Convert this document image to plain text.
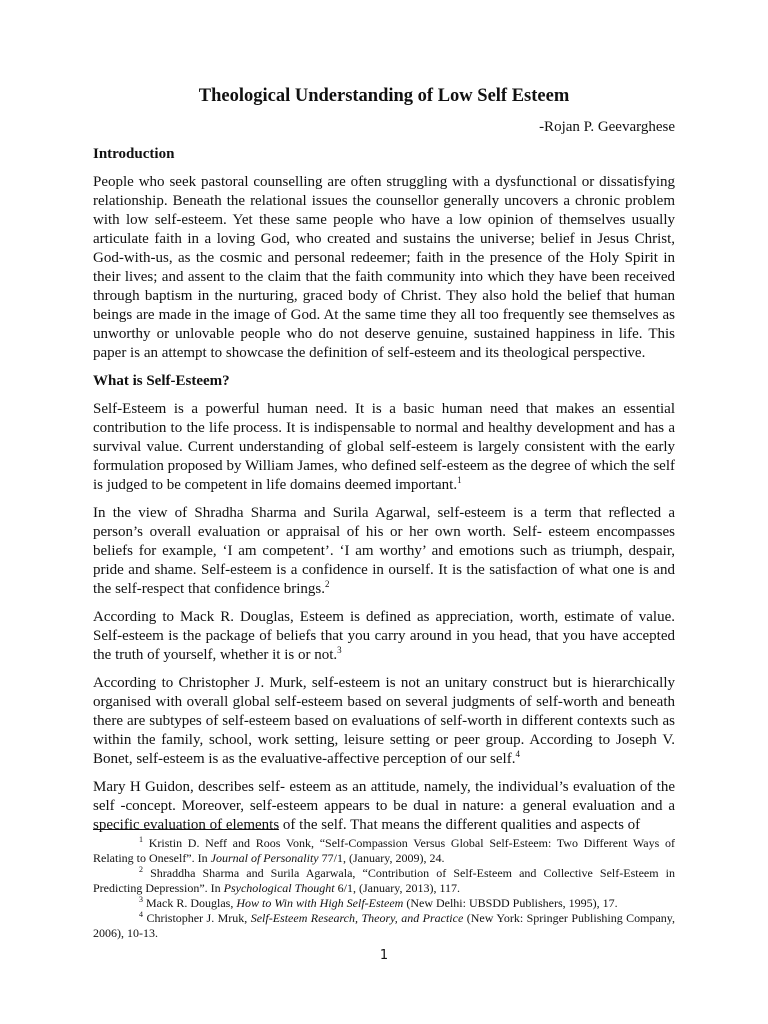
Theological Understanding of Low Self Esteem

-Rojan P. Geevarghese

Introduction

People who seek pastoral counselling are often struggling with a dysfunctional or dissatisfying relationship. Beneath the relational issues the counsellor generally uncovers a chronic problem with low self-esteem. Yet these same people who have a low opinion of themselves usually articulate faith in a loving God, who created and sustains the universe; belief in Jesus Christ, God-with-us, as the cosmic and personal redeemer; faith in the presence of the Holy Spirit in their lives; and assent to the claim that the faith community into which they have been received through baptism in the nurturing, graced body of Christ. They also hold the belief that human beings are made in the image of God. At the same time they all too frequently see themselves as unworthy or unlovable people who do not deserve genuine, sustained happiness in life. This paper is an attempt to showcase the definition of self-esteem and its theological perspective.

What is Self-Esteem?

Self-Esteem is a powerful human need. It is a basic human need that makes an essential contribution to the life process. It is indispensable to normal and healthy development and has a survival value. Current understanding of global self-esteem is largely consistent with the early formulation proposed by William James, who defined self-esteem as the degree of which the self is judged to be competent in life domains deemed important.$^1$

In the view of Shradha Sharma and Surila Agarwal, self-esteem is a term that reflected a person’s overall evaluation or appraisal of his or her own worth. Self- esteem encompasses beliefs for example, ‘I am competent’. ‘I am worthy’ and emotions such as triumph, despair, pride and shame. Self-esteem is a confidence in ourself. It is the satisfaction of what one is and the self-respect that confidence brings.$^2$

According to Mack R. Douglas, Esteem is defined as appreciation, worth, estimate of value. Self-esteem is the package of beliefs that you carry around in you head, that you have accepted the truth of yourself, whether it is or not.$^3$

According to Christopher J. Murk, self-esteem is not an unitary construct but is hierarchically organised with overall global self-esteem based on several judgments of self-worth and beneath there are subtypes of self-esteem based on evaluations of self-worth in different contexts such as within the family, school, work setting, leisure setting or peer group. According to Joseph V. Bonet, self-esteem is as the evaluative-affective perception of our self.$^4$

Mary H Guidon, describes self- esteem as an attitude, namely, the individual’s evaluation of the self -concept. Moreover, self-esteem appears to be dual in nature: a general evaluation and a specific evaluation of elements of the self. That means the different qualities and aspects of

$^1$ Kristin D. Neff and Roos Vonk, “Self-Compassion Versus Global Self-Esteem: Two Different Ways of Relating to Oneself”. In Journal of Personality 77/1, (January, 2009), 24.

$^2$ Shraddha Sharma and Surila Agarwala, “Contribution of Self-Esteem and Collective Self-Esteem in Predicting Depression”. In Psychological Thought 6/1, (January, 2013), 117.

$^3$ Mack R. Douglas, How to Win with High Self-Esteem (New Delhi: UBSDD Publishers, 1995), 17.

$^4$ Christopher J. Mruk, Self-Esteem Research, Theory, and Practice (New York: Springer Publishing Company, 2006), 10-13.

1
